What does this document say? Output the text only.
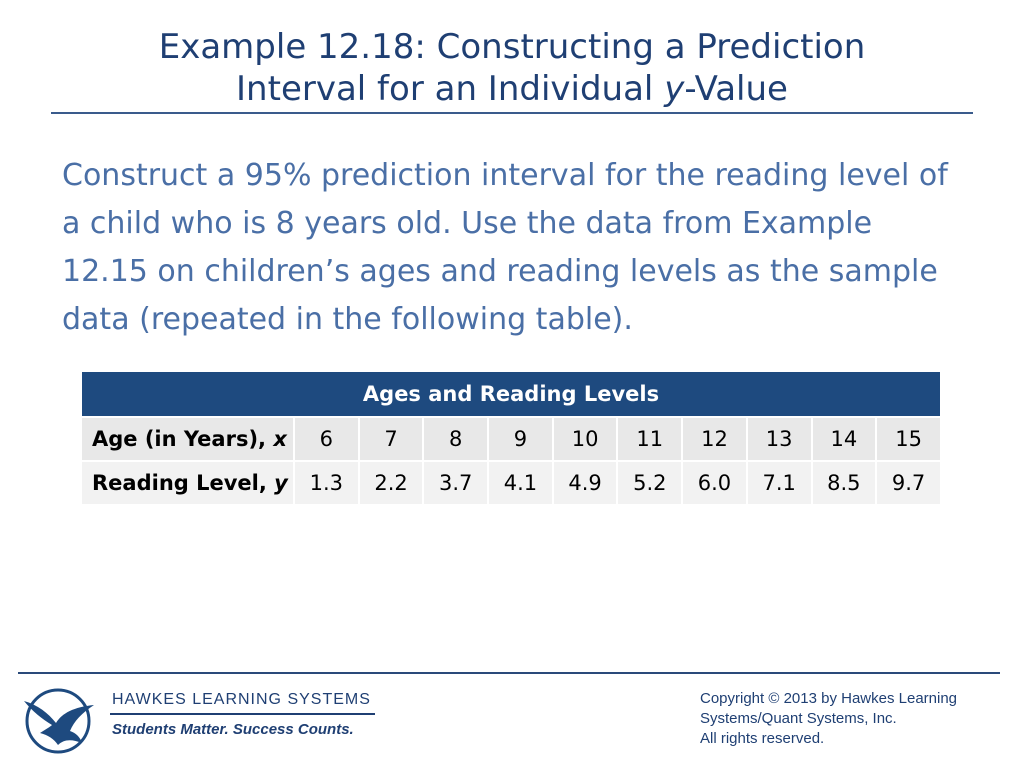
Example 12.18: Constructing a Prediction
Interval for an Individual y-Value
Construct a 95% prediction interval for the reading level of a child who is 8 years old. Use the data from Example 12.15 on children’s ages and reading levels as the sample data (repeated in the following table).
Ages and Reading Levels										
Age (in Years), x	6	7	8	9	10	11	12	13	14	15
Reading Level, y	1.3	2.2	3.7	4.1	4.9	5.2	6.0	7.1	8.5	9.7
HAWKES LEARNING SYSTEMS
Students Matter. Success Counts.
Copyright © 2013 by Hawkes Learning
Systems/Quant Systems, Inc.
All rights reserved.
